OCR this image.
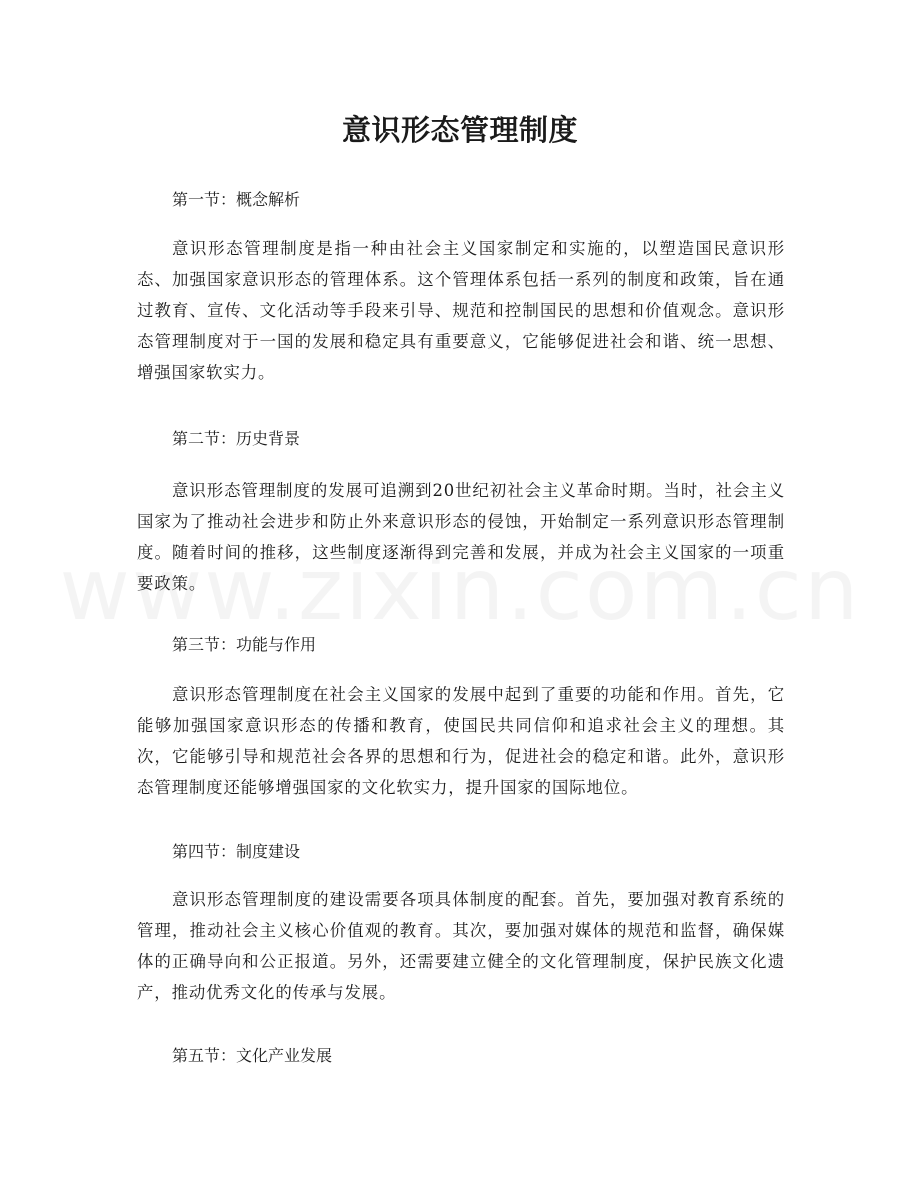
意识形态管理制度

第一节：概念解析

意识形态管理制度是指一种由社会主义国家制定和实施的，以塑造国民意识形态、加强国家意识形态的管理体系。这个管理体系包括一系列的制度和政策，旨在通过教育、宣传、文化活动等手段来引导、规范和控制国民的思想和价值观念。意识形态管理制度对于一国的发展和稳定具有重要意义，它能够促进社会和谐、统一思想、增强国家软实力。

第二节：历史背景

意识形态管理制度的发展可追溯到20世纪初社会主义革命时期。当时，社会主义国家为了推动社会进步和防止外来意识形态的侵蚀，开始制定一系列意识形态管理制度。随着时间的推移，这些制度逐渐得到完善和发展，并成为社会主义国家的一项重要政策。

第三节：功能与作用

意识形态管理制度在社会主义国家的发展中起到了重要的功能和作用。首先，它能够加强国家意识形态的传播和教育，使国民共同信仰和追求社会主义的理想。其次，它能够引导和规范社会各界的思想和行为，促进社会的稳定和谐。此外，意识形态管理制度还能够增强国家的文化软实力，提升国家的国际地位。

第四节：制度建设

意识形态管理制度的建设需要各项具体制度的配套。首先，要加强对教育系统的管理，推动社会主义核心价值观的教育。其次，要加强对媒体的规范和监督，确保媒体的正确导向和公正报道。另外，还需要建立健全的文化管理制度，保护民族文化遗产，推动优秀文化的传承与发展。

第五节：文化产业发展
